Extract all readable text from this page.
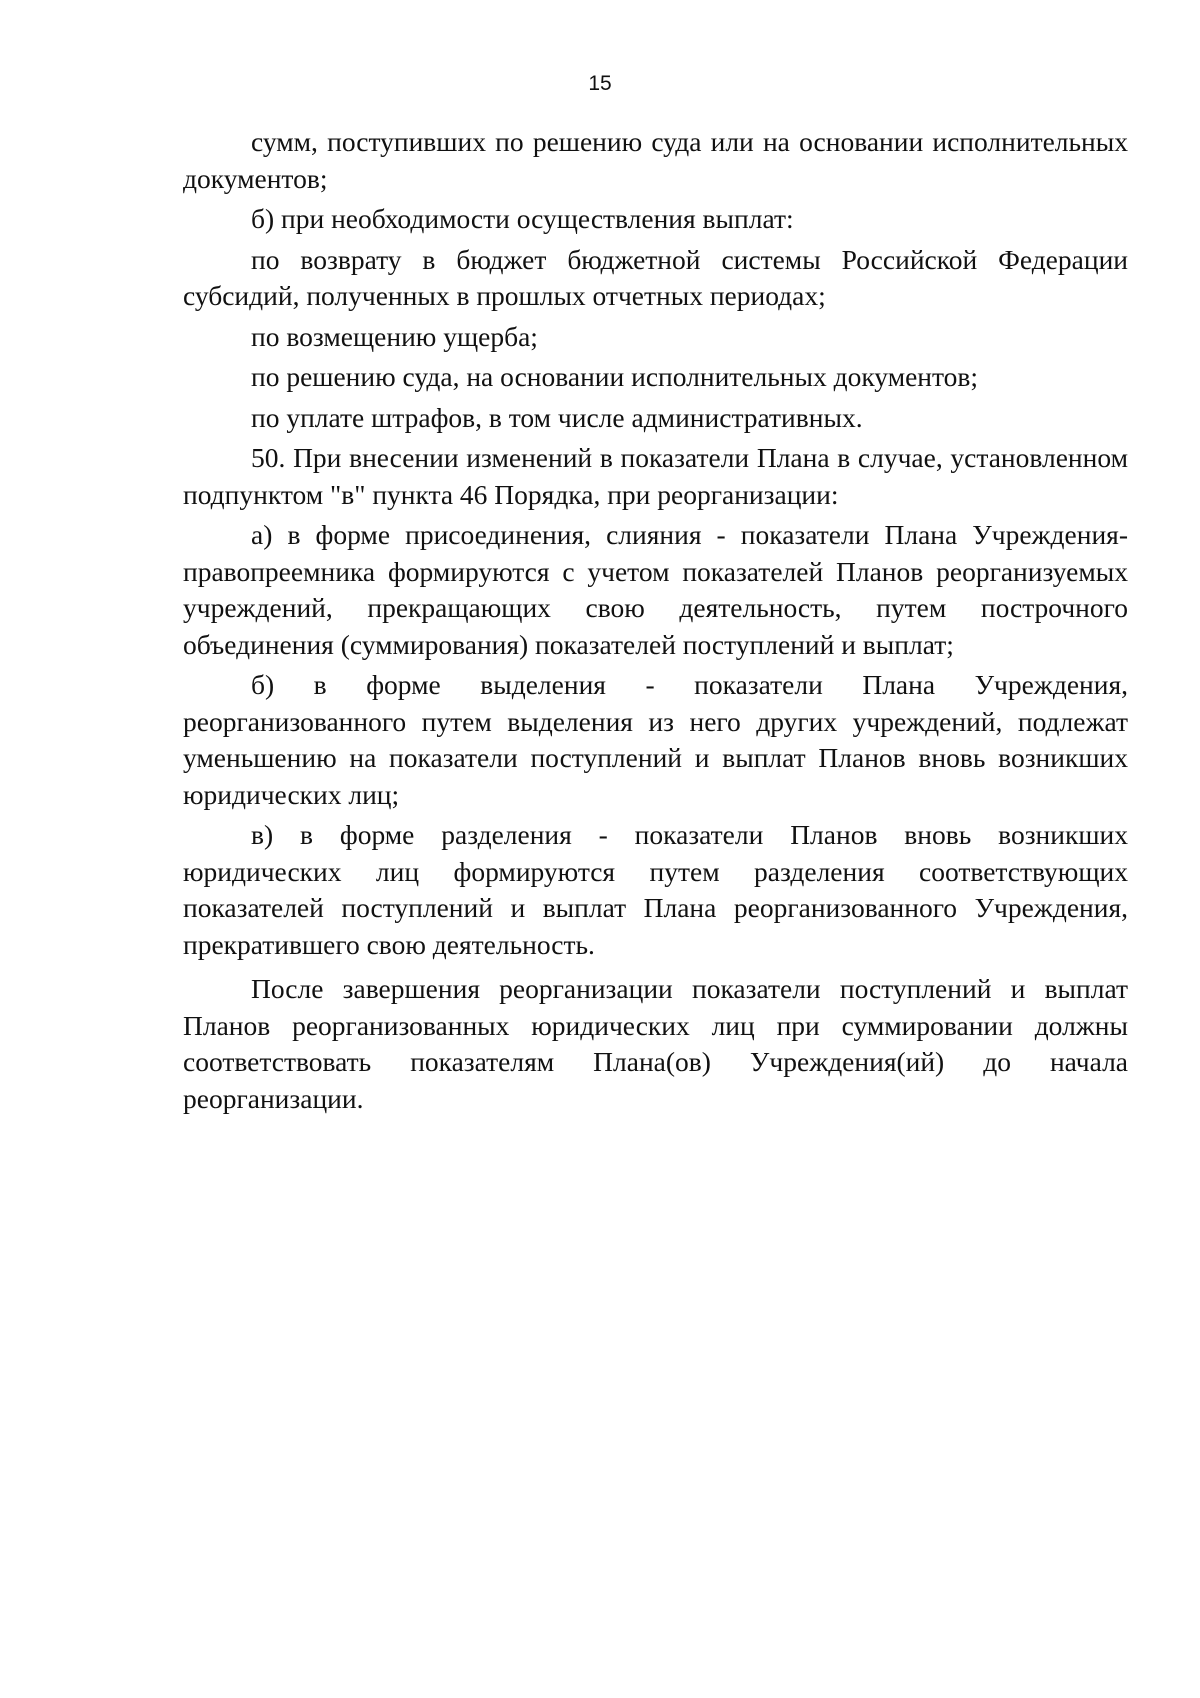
15

сумм, поступивших по решению суда или на основании исполнительных документов;

б) при необходимости осуществления выплат:

по возврату в бюджет бюджетной системы Российской Федерации субсидий, полученных в прошлых отчетных периодах;

по возмещению ущерба;

по решению суда, на основании исполнительных документов;

по уплате штрафов, в том числе административных.

50. При внесении изменений в показатели Плана в случае, установленном подпунктом "в" пункта 46 Порядка, при реорганизации:

а) в форме присоединения, слияния - показатели Плана Учреждения-правопреемника формируются с учетом показателей Планов реорганизуемых учреждений, прекращающих свою деятельность, путем построчного объединения (суммирования) показателей поступлений и выплат;

б) в форме выделения - показатели Плана Учреждения, реорганизованного путем выделения из него других учреждений, подлежат уменьшению на показатели поступлений и выплат Планов вновь возникших юридических лиц;

в) в форме разделения - показатели Планов вновь возникших юридических лиц формируются путем разделения соответствующих показателей поступлений и выплат Плана реорганизованного Учреждения, прекратившего свою деятельность.

После завершения реорганизации показатели поступлений и выплат Планов реорганизованных юридических лиц при суммировании должны соответствовать показателям Плана(ов) Учреждения(ий) до начала реорганизации.
